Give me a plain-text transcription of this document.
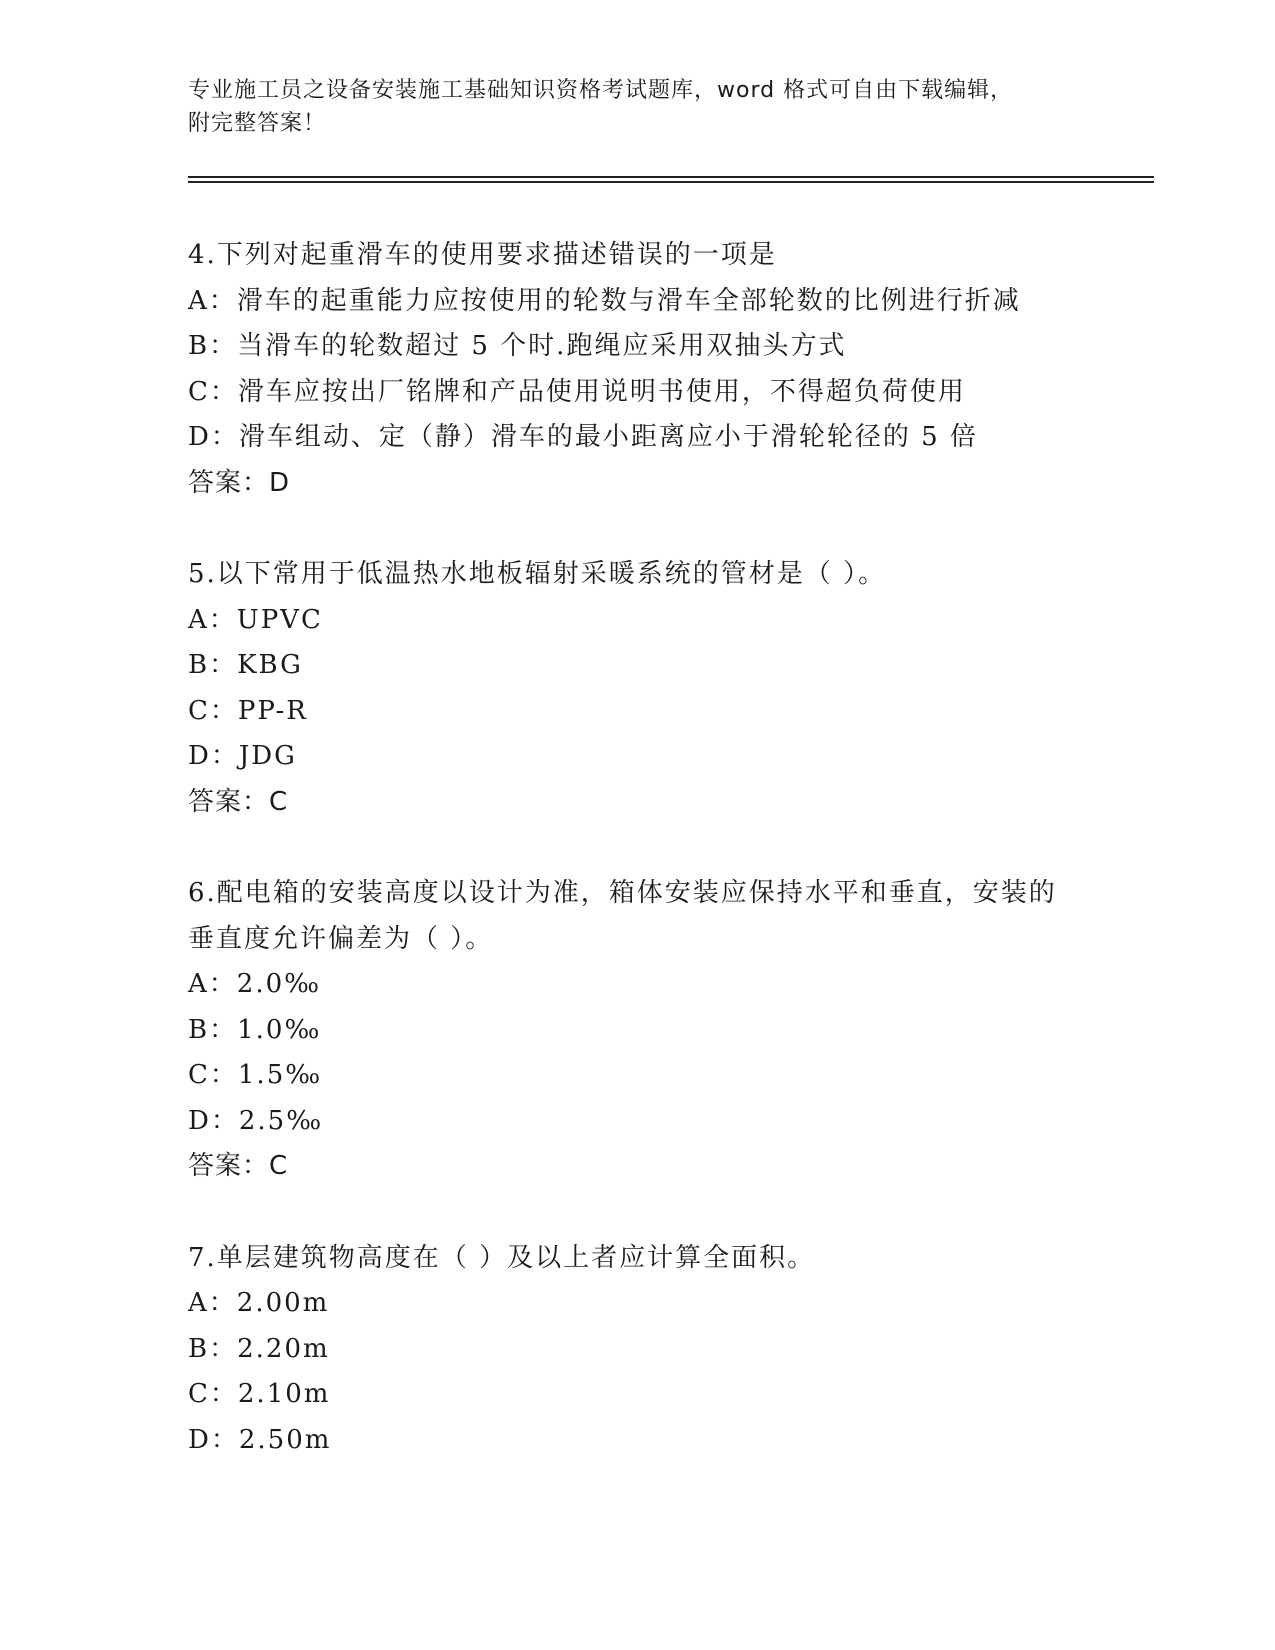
专业施工员之设备安装施工基础知识资格考试题库，word 格式可自由下载编辑，
附完整答案！
4.下列对起重滑车的使用要求描述错误的一项是
A：滑车的起重能力应按使用的轮数与滑车全部轮数的比例进行折减
B：当滑车的轮数超过 5 个时.跑绳应采用双抽头方式
C：滑车应按出厂铭牌和产品使用说明书使用，不得超负荷使用
D：滑车组动、定（静）滑车的最小距离应小于滑轮轮径的 5 倍
答案：D
5.以下常用于低温热水地板辐射采暖系统的管材是（ ）。
A：UPVC
B：KBG
C：PP-R
D：JDG
答案：C
6.配电箱的安装高度以设计为准，箱体安装应保持水平和垂直，安装的垂直度允许偏差为（ ）。
A：2.0‰
B：1.0‰
C：1.5‰
D：2.5‰
答案：C
7.单层建筑物高度在（ ）及以上者应计算全面积。
A：2.00m
B：2.20m
C：2.10m
D：2.50m
